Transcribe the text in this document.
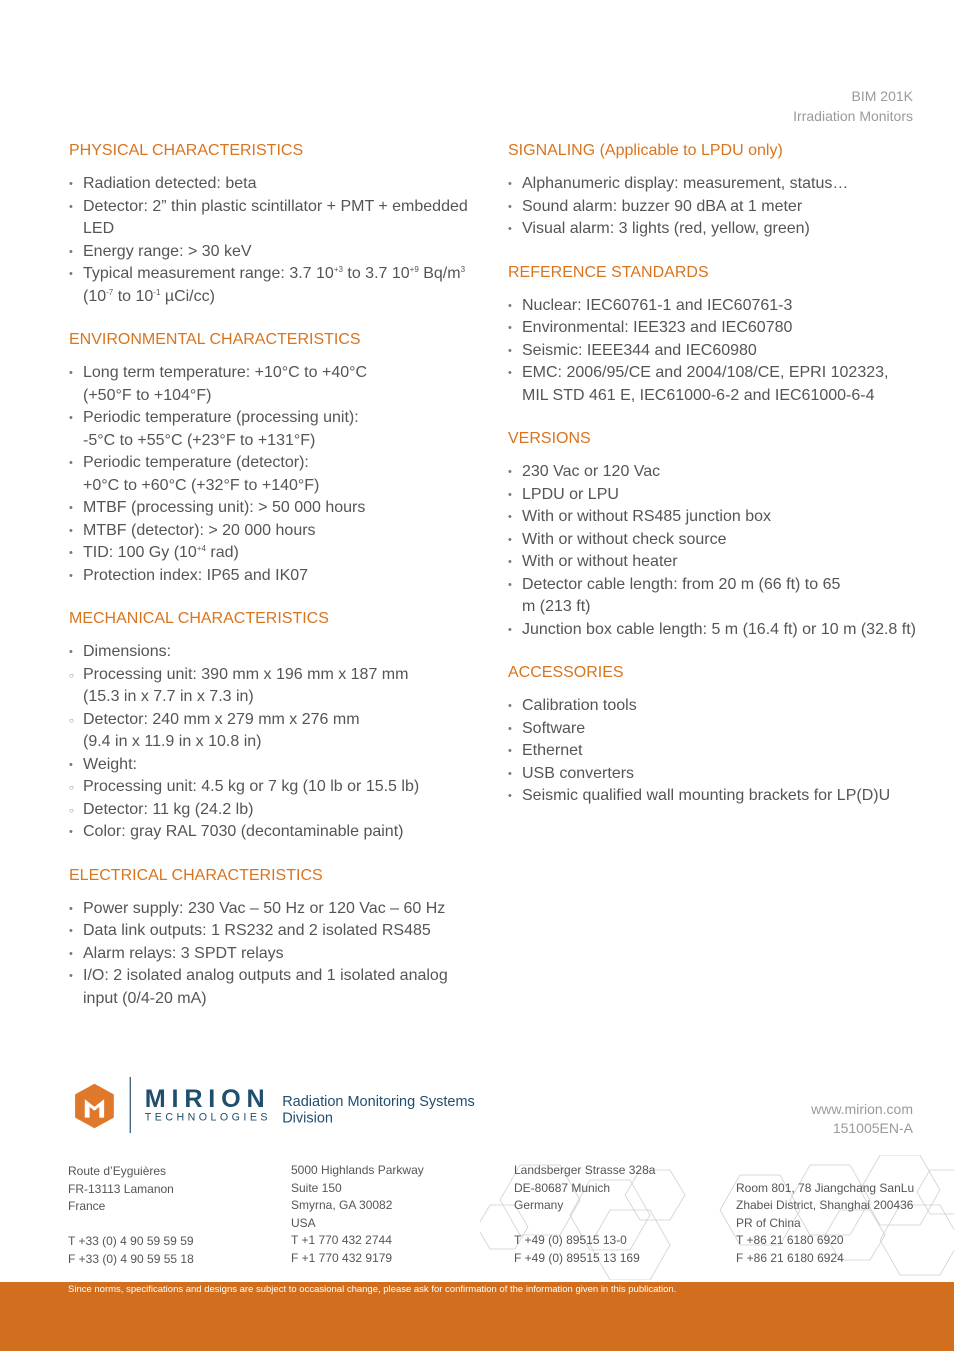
BIM 201K
Irradiation Monitors
PHYSICAL CHARACTERISTICS
• Radiation detected: beta
• Detector: 2” thin plastic scintillator + PMT + embedded LED
• Energy range: > 30 keV
• Typical measurement range: 3.7 $10^{+3}$ to 3.7 $10^{+9}$ $Bq/m^3$
($10^{-7}$ to $10^{-1}$ µCi/cc)
ENVIRONMENTAL CHARACTERISTICS
• Long term temperature: +10°C to +40°C
(+50°F to +104°F)
• Periodic temperature (processing unit):
-5°C to +55°C (+23°F to +131°F)
• Periodic temperature (detector):
+0°C to +60°C (+32°F to +140°F)
• MTBF (processing unit): > 50 000 hours
• MTBF (detector): > 20 000 hours
• TID: 100 Gy ($10^{+4}$ rad)
• Protection index: IP65 and IK07
MECHANICAL CHARACTERISTICS
• Dimensions:
○ Processing unit: 390 mm x 196 mm x 187 mm
(15.3 in x 7.7 in x 7.3 in)
○ Detector: 240 mm x 279 mm x 276 mm
(9.4 in x 11.9 in x 10.8 in)
• Weight:
○ Processing unit: 4.5 kg or 7 kg (10 lb or 15.5 lb)
○ Detector: 11 kg (24.2 lb)
• Color: gray RAL 7030 (decontaminable paint)
ELECTRICAL CHARACTERISTICS
• Power supply: 230 Vac – 50 Hz or 120 Vac – 60 Hz
• Data link outputs: 1 RS232 and 2 isolated RS485
• Alarm relays: 3 SPDT relays
• I/O: 2 isolated analog outputs and 1 isolated analog input (0/4-20 mA)
SIGNALING (Applicable to LPDU only)
• Alphanumeric display: measurement, status…
• Sound alarm: buzzer 90 dBA at 1 meter
• Visual alarm: 3 lights (red, yellow, green)
REFERENCE STANDARDS
• Nuclear: IEC60761-1 and IEC60761-3
• Environmental: IEE323 and IEC60780
• Seismic: IEEE344 and IEC60980
• EMC: 2006/95/CE and 2004/108/CE, EPRI 102323, MIL STD 461 E, IEC61000-6-2 and IEC61000-6-4
VERSIONS
• 230 Vac or 120 Vac
• LPDU or LPU
• With or without RS485 junction box
• With or without check source
• With or without heater
• Detector cable length: from 20 m (66 ft) to 65 m (213 ft)
• Junction box cable length: 5 m (16.4 ft) or 10 m (32.8 ft)
ACCESSORIES
• Calibration tools
• Software
• Ethernet
• USB converters
• Seismic qualified wall mounting brackets for LP(D)U
MIRION
TECHNOLOGIES
Radiation Monitoring Systems
Division
www.mirion.com
151005EN-A
Route d’Eyguières
FR-13113 Lamanon
France

T +33 (0) 4 90 59 59 59
F +33 (0) 4 90 59 55 18
5000 Highlands Parkway
Suite 150
Smyrna, GA 30082
USA
T +1 770 432 2744
F +1 770 432 9179
Landsberger Strasse 328a
DE-80687 Munich
Germany

T +49 (0) 89515 13-0
F +49 (0) 89515 13 169

Room 801, 78 Jiangchang SanLu
Zhabei District, Shanghai 200436
PR of China
T +86 21 6180 6920
F +86 21 6180 6924
Since norms, specifications and designs are subject to occasional change, please ask for confirmation of the information given in this publication.
